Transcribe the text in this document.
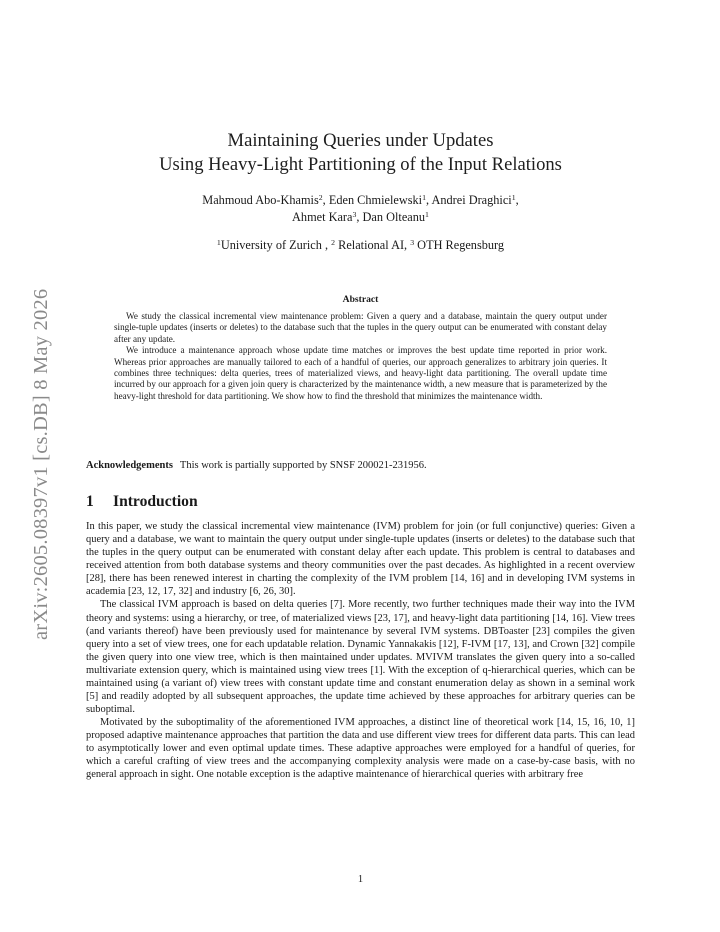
arXiv:2605.08397v1 [cs.DB] 8 May 2026
Maintaining Queries under Updates
Using Heavy-Light Partitioning of the Input Relations
Mahmoud Abo-Khamis$^2$, Eden Chmielewski$^1$, Andrei Draghici$^1$,
Ahmet Kara$^3$, Dan Olteanu$^1$
$^1$University of Zurich , $^2$ Relational AI, $^3$ OTH Regensburg
Abstract

We study the classical incremental view maintenance problem: Given a query and a database, maintain the query output under single-tuple updates (inserts or deletes) to the database such that the tuples in the query output can be enumerated with constant delay after any update.

We introduce a maintenance approach whose update time matches or improves the best update time reported in prior work. Whereas prior approaches are manually tailored to each of a handful of queries, our approach generalizes to arbitrary join queries. It combines three techniques: delta queries, trees of materialized views, and heavy-light data partitioning. The overall update time incurred by our approach for a given join query is characterized by the maintenance width, a new measure that is parameterized by the heavy-light threshold for data partitioning. We show how to find the threshold that minimizes the maintenance width.

Acknowledgements This work is partially supported by SNSF 200021-231956.
1 Introduction

In this paper, we study the classical incremental view maintenance (IVM) problem for join (or full conjunctive) queries: Given a query and a database, we want to maintain the query output under single-tuple updates (inserts or deletes) to the database such that the tuples in the query output can be enumerated with constant delay after each update. This problem is central to databases and received attention from both database systems and theory communities over the past decades. As highlighted in a recent overview [28], there has been renewed interest in charting the complexity of the IVM problem [14, 16] and in developing IVM systems in academia [23, 12, 17, 32] and industry [6, 26, 30].

The classical IVM approach is based on delta queries [7]. More recently, two further techniques made their way into the IVM theory and systems: using a hierarchy, or tree, of materialized views [23, 17], and heavy-light data partitioning [14, 16]. View trees (and variants thereof) have been previously used for maintenance by several IVM systems. DBToaster [23] compiles the given query into a set of view trees, one for each updatable relation. Dynamic Yannakakis [12], F-IVM [17, 13], and Crown [32] compile the given query into one view tree, which is then maintained under updates. MVIVM translates the given query into a so-called multivariate extension query, which is maintained using view trees [1]. With the exception of q-hierarchical queries, which can be maintained using (a variant of) view trees with constant update time and constant enumeration delay as shown in a seminal work [5] and readily adopted by all subsequent approaches, the update time achieved by these approaches for arbitrary queries can be suboptimal.

Motivated by the suboptimality of the aforementioned IVM approaches, a distinct line of theoretical work [14, 15, 16, 10, 1] proposed adaptive maintenance approaches that partition the data and use different view trees for different data parts. This can lead to asymptotically lower and even optimal update times. These adaptive approaches were employed for a handful of queries, for which a careful crafting of view trees and the accompanying complexity analysis were made on a case-by-case basis, with no general approach in sight. One notable exception is the adaptive maintenance of hierarchical queries with arbitrary free

1
